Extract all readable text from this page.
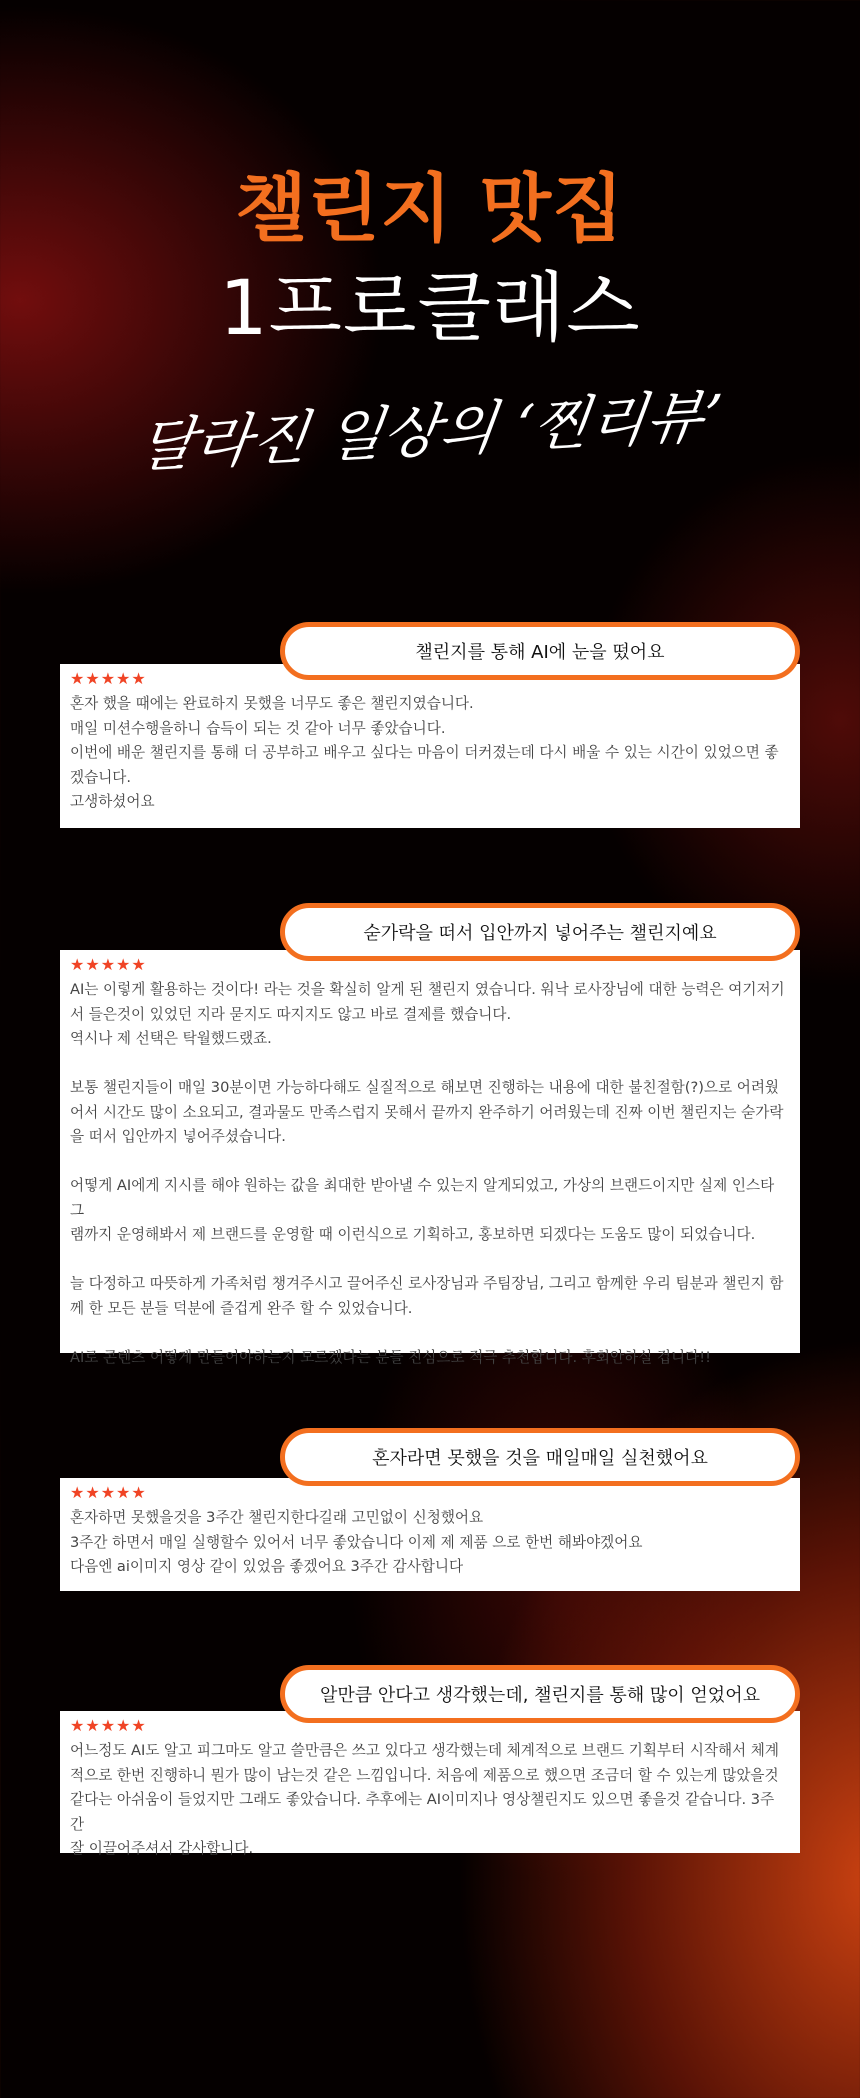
챌린지 맛집
1프로클래스
달라진 일상의 ‘찐리뷰’
★★★★★

혼자 했을 때에는 완료하지 못했을 너무도 좋은 챌린지였습니다.
매일 미션수행을하니 습득이 되는 것 같아 너무 좋았습니다.
이번에 배운 챌린지를 통해 더 공부하고 배우고 싶다는 마음이 더커졌는데 다시 배울 수 있는 시간이 있었으면 좋
겠습니다.
고생하셨어요

챌린지를 통해 AI에 눈을 떴어요
★★★★★

AI는 이렇게 활용하는 것이다! 라는 것을 확실히 알게 된 챌린지 였습니다. 워낙 로사장님에 대한 능력은 여기저기
서 들은것이 있었던 지라 묻지도 따지지도 않고 바로 결제를 했습니다.
역시나 제 선택은 탁월했드랬죠.

보통 챌린지들이 매일 30분이면 가능하다해도 실질적으로 해보면 진행하는 내용에 대한 불친절함(?)으로 어려웠
어서 시간도 많이 소요되고, 결과물도 만족스럽지 못해서 끝까지 완주하기 어려웠는데 진짜 이번 챌린지는 숟가락
을 떠서 입안까지 넣어주셨습니다.

어떻게 AI에게 지시를 해야 원하는 값을 최대한 받아낼 수 있는지 알게되었고, 가상의 브랜드이지만 실제 인스타그
램까지 운영해봐서 제 브랜드를 운영할 때 이런식으로 기획하고, 홍보하면 되겠다는 도움도 많이 되었습니다.

늘 다정하고 따뜻하게 가족처럼 챙겨주시고 끌어주신 로사장님과 주팀장님, 그리고 함께한 우리 팀분과 챌린지 함
께 한 모든 분들 덕분에 즐겁게 완주 할 수 있었습니다.

AI로 콘텐츠 어떻게 만들어야하는지 모르겠다는 분들 진심으로 적극 추천합니다. 후회안하실 겁니다!!

숟가락을 떠서 입안까지 넣어주는 챌린지예요
★★★★★

혼자하면 못했을것을 3주간 챌린지한다길래 고민없이 신청했어요
3주간 하면서 매일 실행할수 있어서 너무 좋았습니다 이제 제 제품 으로 한번 해봐야겠어요
다음엔 ai이미지 영상 같이 있었음 좋겠어요 3주간 감사합니다

혼자라면 못했을 것을 매일매일 실천했어요
★★★★★

어느정도 AI도 알고 피그마도 알고 쓸만큼은 쓰고 있다고 생각했는데 체계적으로 브랜드 기획부터 시작해서 체계
적으로 한번 진행하니 뭔가 많이 남는것 같은 느낌입니다. 처음에 제품으로 했으면 조금더 할 수 있는게 많았을것
같다는 아쉬움이 들었지만 그래도 좋았습니다. 추후에는 AI이미지나 영상챌린지도 있으면 좋을것 같습니다. 3주간
잘 이끌어주셔서 감사합니다.

알만큼 안다고 생각했는데, 챌린지를 통해 많이 얻었어요
